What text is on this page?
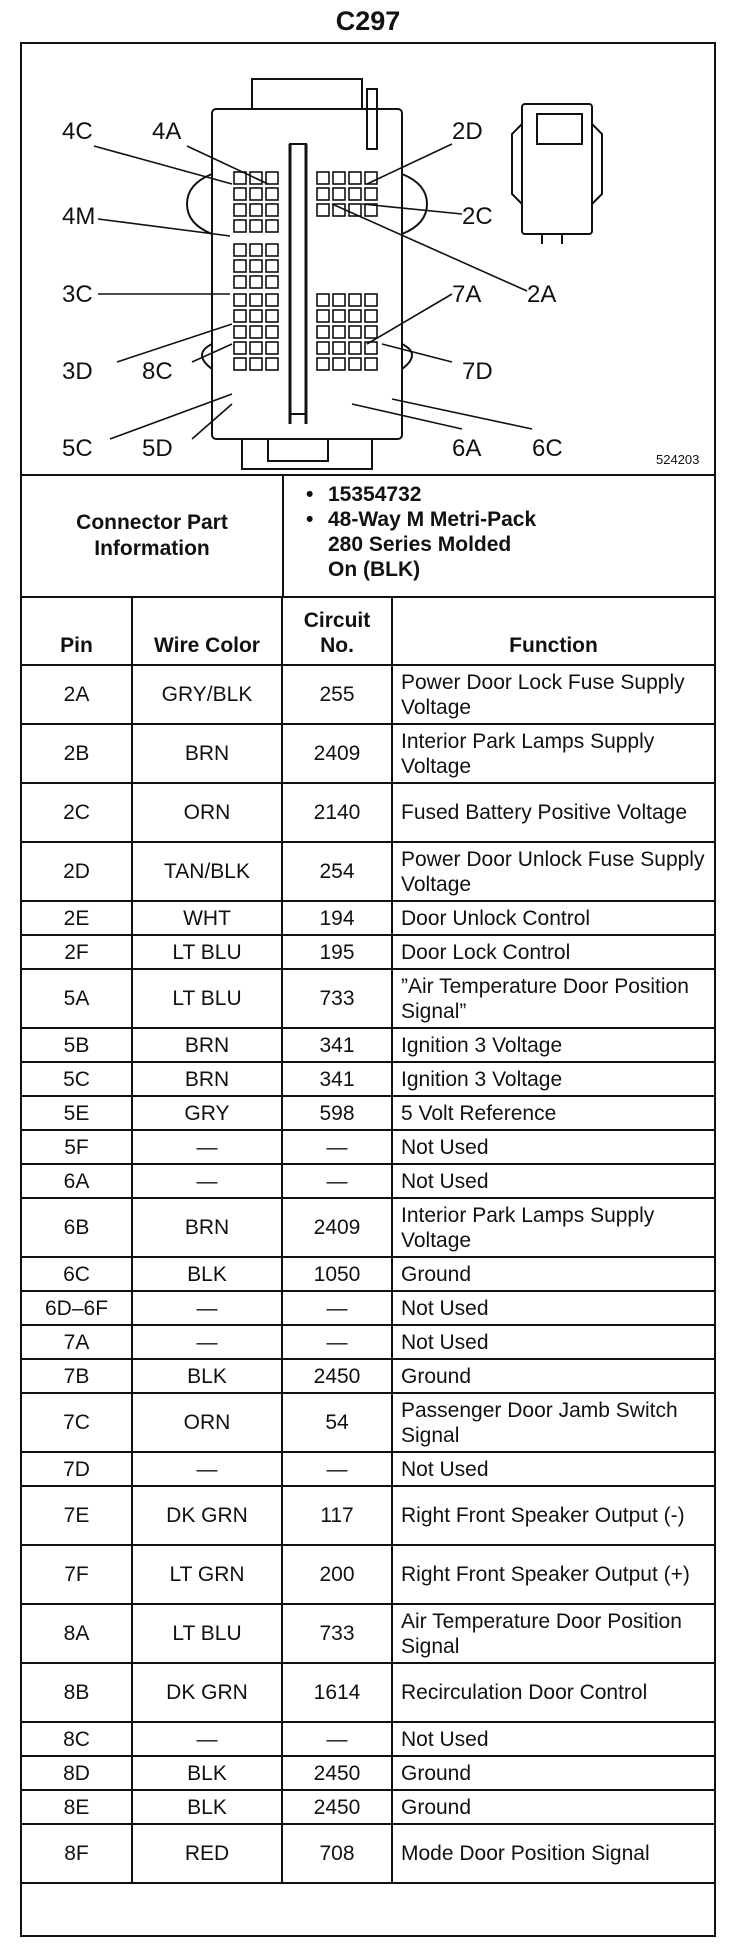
C297
4C 4A	2D
4M	2C
3C	7A 2A
3D 8C	7D
5C 5D	6A 6C	524203
Connector Part Information
• 15354732
• 48-Way M Metri-Pack
280 Series Molded
On (BLK)
Pin	Wire Color	Circuit No.	Function
2A	GRY/BLK	255	Power Door Lock Fuse Supply Voltage
2B	BRN	2409	Interior Park Lamps Supply Voltage
2C	ORN	2140	Fused Battery Positive Voltage
2D	TAN/BLK	254	Power Door Unlock Fuse Supply Voltage
2E	WHT	194	Door Unlock Control
2F	LT BLU	195	Door Lock Control
5A	LT BLU	733	”Air Temperature Door Position Signal”
5B	BRN	341	Ignition 3 Voltage
5C	BRN	341	Ignition 3 Voltage
5E	GRY	598	5 Volt Reference
5F	—	—	Not Used
6A	—	—	Not Used
6B	BRN	2409	Interior Park Lamps Supply Voltage
6C	BLK	1050	Ground
6D–6F	—	—	Not Used
7A	—	—	Not Used
7B	BLK	2450	Ground
7C	ORN	54	Passenger Door Jamb Switch Signal
7D	—	—	Not Used
7E	DK GRN	117	Right Front Speaker Output (-)
7F	LT GRN	200	Right Front Speaker Output (+)
8A	LT BLU	733	Air Temperature Door Position Signal
8B	DK GRN	1614	Recirculation Door Control
8C	—	—	Not Used
8D	BLK	2450	Ground
8E	BLK	2450	Ground
8F	RED	708	Mode Door Position Signal
